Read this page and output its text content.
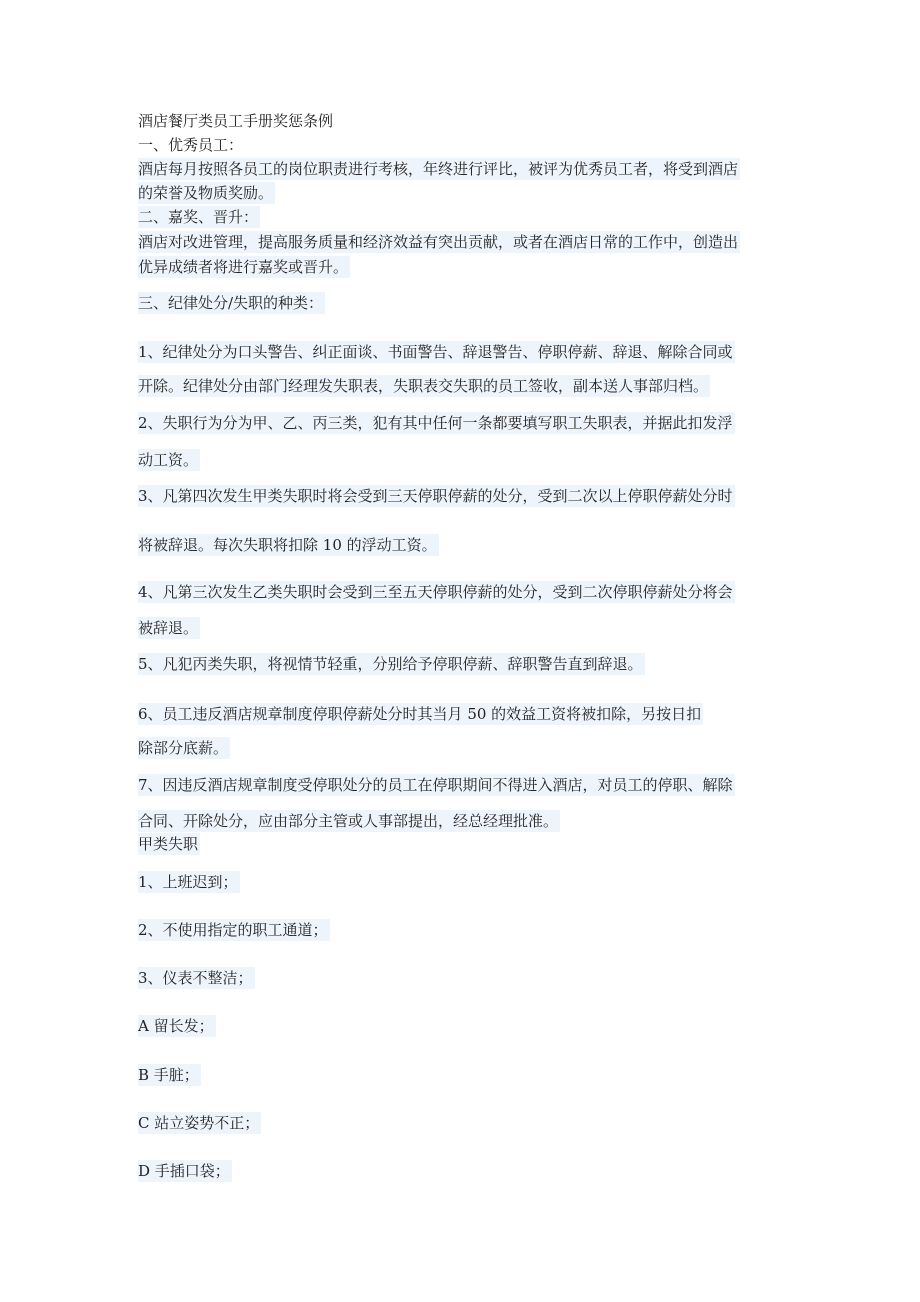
酒店餐厅类员工手册奖惩条例
一、优秀员工：
酒店每月按照各员工的岗位职责进行考核，年终进行评比，被评为优秀员工者，将受到酒店
的荣誉及物质奖励。
二、嘉奖、晋升：
酒店对改进管理，提高服务质量和经济效益有突出贡献，或者在酒店日常的工作中，创造出
优异成绩者将进行嘉奖或晋升。
三、纪律处分/失职的种类：
1、纪律处分为口头警告、纠正面谈、书面警告、辞退警告、停职停薪、辞退、解除合同或
开除。纪律处分由部门经理发失职表，失职表交失职的员工签收，副本送人事部归档。
2、失职行为分为甲、乙、丙三类，犯有其中任何一条都要填写职工失职表，并据此扣发浮
动工资。
3、凡第四次发生甲类失职时将会受到三天停职停薪的处分，受到二次以上停职停薪处分时
将被辞退。每次失职将扣除 10 的浮动工资。
4、凡第三次发生乙类失职时会受到三至五天停职停薪的处分，受到二次停职停薪处分将会
被辞退。
5、凡犯丙类失职，将视情节轻重，分别给予停职停薪、辞职警告直到辞退。
6、员工违反酒店规章制度停职停薪处分时其当月 50 的效益工资将被扣除，另按日扣
除部分底薪。
7、因违反酒店规章制度受停职处分的员工在停职期间不得进入酒店，对员工的停职、解除
合同、开除处分，应由部分主管或人事部提出，经总经理批准。
甲类失职
1、上班迟到；
2、不使用指定的职工通道；
3、仪表不整洁；
A 留长发；
B 手脏；
C 站立姿势不正；
D 手插口袋；
